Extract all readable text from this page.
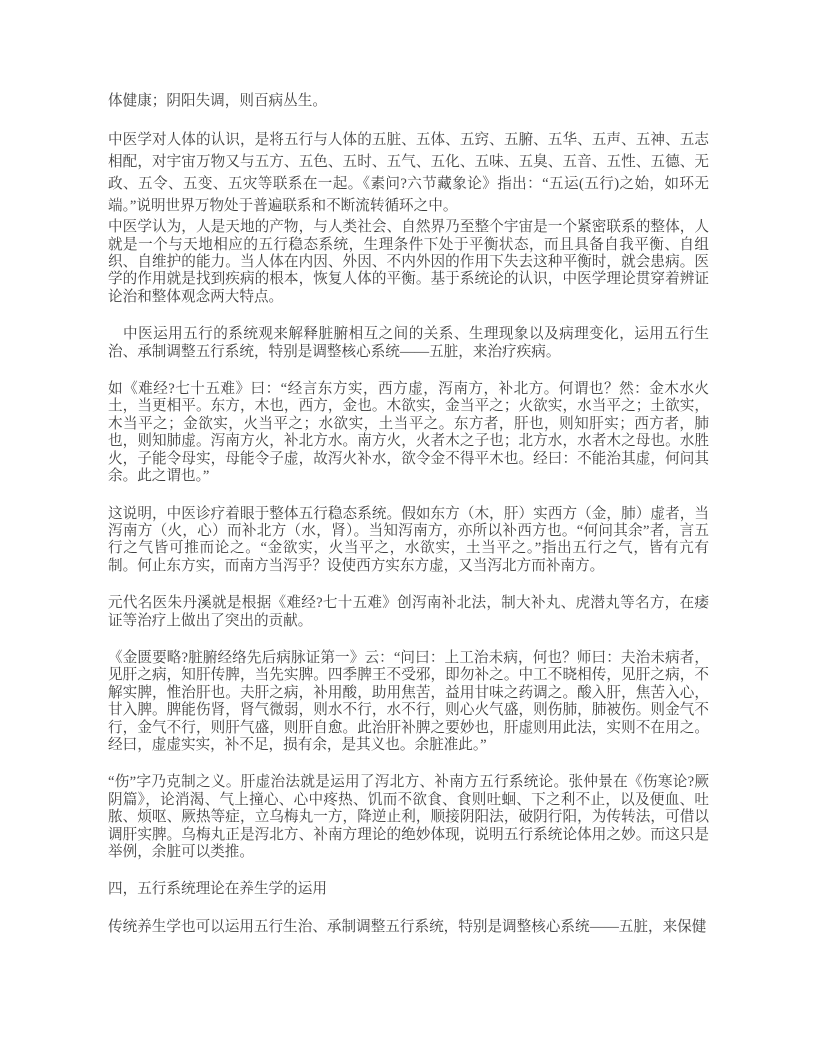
体健康；阴阳失调，则百病丛生。

中医学对人体的认识，是将五行与人体的五脏、五体、五窍、五腑、五华、五声、五神、五志相配，对宇宙万物又与五方、五色、五时、五气、五化、五味、五臭、五音、五性、五德、无政、五令、五变、五灾等联系在一起。《素问?六节藏象论》指出：“五运(五行)之始，如环无端。”说明世界万物处于普遍联系和不断流转循环之中。

中医学认为，人是天地的产物，与人类社会、自然界乃至整个宇宙是一个紧密联系的整体，人就是一个与天地相应的五行稳态系统，生理条件下处于平衡状态，而且具备自我平衡、自组织、自维护的能力。当人体在内因、外因、不内外因的作用下失去这种平衡时，就会患病。医学的作用就是找到疾病的根本，恢复人体的平衡。基于系统论的认识，中医学理论贯穿着辨证论治和整体观念两大特点。

　中医运用五行的系统观来解释脏腑相互之间的关系、生理现象以及病理变化，运用五行生治、承制调整五行系统，特别是调整核心系统——五脏，来治疗疾病。

如《难经?七十五难》曰：“经言东方实，西方虚，泻南方，补北方。何谓也？然：金木水火土，当更相平。东方，木也，西方，金也。木欲实，金当平之；火欲实，水当平之；土欲实，木当平之；金欲实，火当平之；水欲实，土当平之。东方者，肝也，则知肝实；西方者，肺也，则知肺虚。泻南方火，补北方水。南方火，火者木之子也；北方水，水者木之母也。水胜火，子能令母实，母能令子虚，故泻火补水，欲令金不得平木也。经曰：不能治其虚，何问其余。此之谓也。”

这说明，中医诊疗着眼于整体五行稳态系统。假如东方（木，肝）实西方（金，肺）虚者，当泻南方（火，心）而补北方（水，肾）。当知泻南方，亦所以补西方也。“何问其余”者，言五行之气皆可推而论之。“金欲实，火当平之，水欲实，土当平之。”指出五行之气，皆有亢有制。何止东方实，而南方当泻乎？设使西方实东方虚，又当泻北方而补南方。

元代名医朱丹溪就是根据《难经?七十五难》创泻南补北法，制大补丸、虎潜丸等名方，在痿证等治疗上做出了突出的贡献。

《金匮要略?脏腑经络先后病脉证第一》云：“问曰：上工治未病，何也？师曰：夫治未病者，见肝之病，知肝传脾，当先实脾。四季脾王不受邪，即勿补之。中工不晓相传，见肝之病，不解实脾，惟治肝也。夫肝之病，补用酸，助用焦苦，益用甘味之药调之。酸入肝，焦苦入心，甘入脾。脾能伤肾，肾气微弱，则水不行，水不行，则心火气盛，则伤肺，肺被伤。则金气不行，金气不行，则肝气盛，则肝自愈。此治肝补脾之要妙也，肝虚则用此法，实则不在用之。经曰，虚虚实实，补不足，损有余，是其义也。余脏准此。”

“伤”字乃克制之义。肝虚治法就是运用了泻北方、补南方五行系统论。张仲景在《伤寒论?厥阴篇》，论消渴、气上撞心、心中疼热、饥而不欲食、食则吐蛔、下之利不止，以及便血、吐脓、烦呕、厥热等症，立乌梅丸一方，降逆止利，顺接阴阳法，破阴行阳，为传转法，可借以调肝实脾。乌梅丸正是泻北方、补南方理论的绝妙体现，说明五行系统论体用之妙。而这只是举例，余脏可以类推。

四，五行系统理论在养生学的运用

传统养生学也可以运用五行生治、承制调整五行系统，特别是调整核心系统——五脏，来保健
